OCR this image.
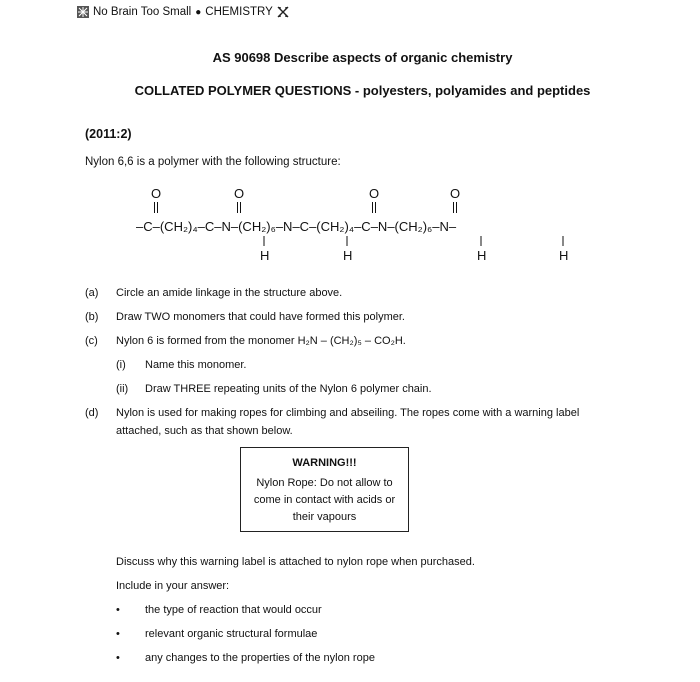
No Brain Too Small ● CHEMISTRY
AS 90698 Describe aspects of organic chemistry
COLLATED POLYMER QUESTIONS - polyesters, polyamides and peptides
(2011:2)
Nylon 6,6 is a polymer with the following structure:
–C–(CH₂)₄–C–N–(CH₂)₆–N–C–(CH₂)₄–C–N–(CH₂)₆–N–
O	O	O	O
H	H	H	H
(a) Circle an amide linkage in the structure above.
(b) Draw TWO monomers that could have formed this polymer.
(c) Nylon 6 is formed from the monomer H₂N – (CH₂)₅ – CO₂H.
(i) Name this monomer.
(ii) Draw THREE repeating units of the Nylon 6 polymer chain.
(d) Nylon is used for making ropes for climbing and abseiling. The ropes come with a warning label
attached, such as that shown below.
WARNING!!!
Nylon Rope: Do not allow to
come in contact with acids or
their vapours
Discuss why this warning label is attached to nylon rope when purchased.
Include in your answer:
• the type of reaction that would occur
• relevant organic structural formulae
• any changes to the properties of the nylon rope
